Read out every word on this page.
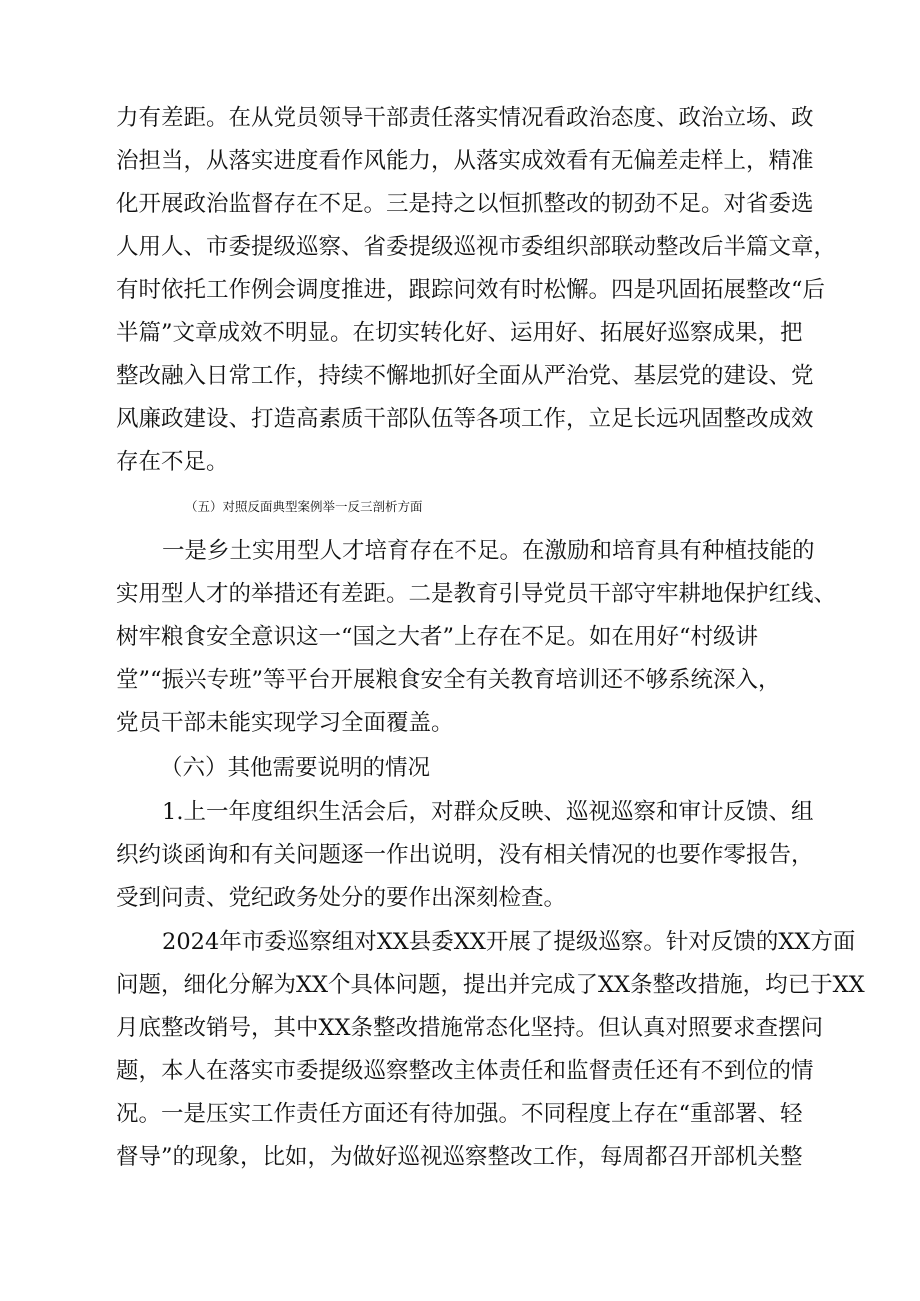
力有差距。在从党员领导干部责任落实情况看政治态度、政治立场、政
治担当，从落实进度看作风能力，从落实成效看有无偏差走样上，精准
化开展政治监督存在不足。三是持之以恒抓整改的韧劲不足。对省委选
人用人、市委提级巡察、省委提级巡视市委组织部联动整改后半篇文章，
有时依托工作例会调度推进，跟踪问效有时松懈。四是巩固拓展整改“后
半篇”文章成效不明显。在切实转化好、运用好、拓展好巡察成果，把
整改融入日常工作，持续不懈地抓好全面从严治党、基层党的建设、党
风廉政建设、打造高素质干部队伍等各项工作，立足长远巩固整改成效
存在不足。
（五）对照反面典型案例举一反三剖析方面
一是乡土实用型人才培育存在不足。在激励和培育具有种植技能的
实用型人才的举措还有差距。二是教育引导党员干部守牢耕地保护红线、
树牢粮食安全意识这一“国之大者”上存在不足。如在用好“村级讲
堂”“振兴专班”等平台开展粮食安全有关教育培训还不够系统深入，
党员干部未能实现学习全面覆盖。
（六）其他需要说明的情况
1.上一年度组织生活会后，对群众反映、巡视巡察和审计反馈、组
织约谈函询和有关问题逐一作出说明，没有相关情况的也要作零报告，
受到问责、党纪政务处分的要作出深刻检查。
2024年市委巡察组对XX县委XX开展了提级巡察。针对反馈的XX方面
问题，细化分解为XX个具体问题，提出并完成了XX条整改措施，均已于XX
月底整改销号，其中XX条整改措施常态化坚持。但认真对照要求查摆问
题，本人在落实市委提级巡察整改主体责任和监督责任还有不到位的情
况。一是压实工作责任方面还有待加强。不同程度上存在“重部署、轻
督导”的现象，比如，为做好巡视巡察整改工作，每周都召开部机关整
